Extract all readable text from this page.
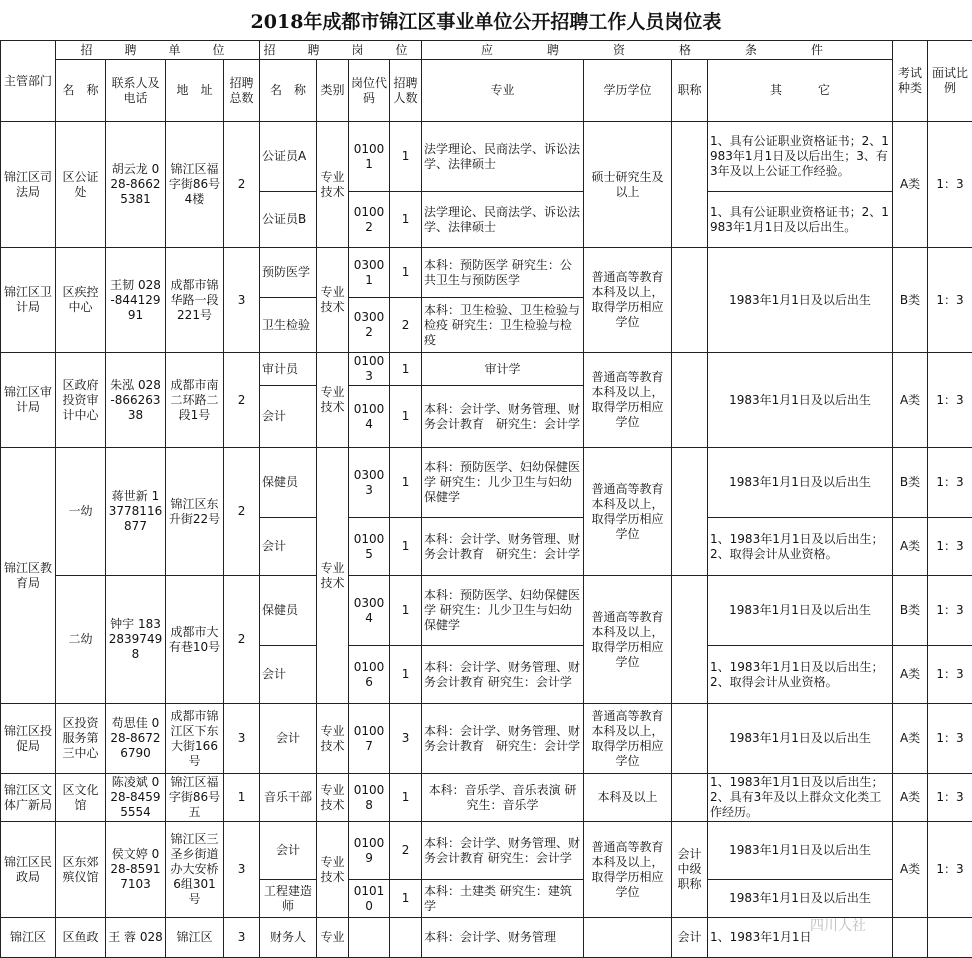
2018年成都市锦江区事业单位公开招聘工作人员岗位表
主管部门	招　聘　单　位				招　聘　岗　位				应　　聘　　资　　格　　条　　件				考试种类	面试比例
	名　称	联系人及电话	地　址	招聘总数	名　称	类别	岗位代码	招聘人数	专业	学历学位	职称	其　　　它		
锦江区司法局	区公证处	胡云龙 028-86625381	锦江区福字街86号4楼	2	公证员A	专业技术	01001	1	法学理论、民商法学、诉讼法学、法律硕士	硕士研究生及以上		1、具有公证职业资格证书；2、1983年1月1日及以后出生；3、有3年及以上公证工作经验。	A类	1：3
					公证员B		01002	1	法学理论、民商法学、诉讼法学、法律硕士			1、具有公证职业资格证书；2、1983年1月1日及以后出生。		
锦江区卫计局	区疾控中心	王韧 028-84412991	成都市锦华路一段221号	3	预防医学	专业技术	03001	1	本科：预防医学 研究生：公共卫生与预防医学	普通高等教育本科及以上，取得学历相应学位		1983年1月1日及以后出生	B类	1：3
					卫生检验		03002	2	本科：卫生检验、卫生检验与检疫 研究生：卫生检验与检疫					
锦江区审计局	区政府投资审计中心	朱泓 028-86626338	成都市南二环路二段1号	2	审计员	专业技术	01003	1	审计学	普通高等教育本科及以上，取得学历相应学位		1983年1月1日及以后出生	A类	1：3
					会计		01004	1	本科：会计学、财务管理、财务会计教育　研究生：会计学					
锦江区教育局	一幼	蒋世新 13778116877	锦江区东升街22号	2	保健员	专业技术	03003	1	本科：预防医学、妇幼保健医学 研究生：儿少卫生与妇幼保健学	普通高等教育本科及以上，取得学历相应学位		1983年1月1日及以后出生	B类	1：3
					会计		01005	1	本科：会计学、财务管理、财务会计教育　研究生：会计学			1、1983年1月1日及以后出生；2、取得会计从业资格。	A类	1：3
	二幼	钟宇 18328397498	成都市大有巷10号	2	保健员		03004	1	本科：预防医学、妇幼保健医学 研究生：儿少卫生与妇幼保健学	普通高等教育本科及以上，取得学历相应学位		1983年1月1日及以后出生	B类	1：3
					会计		01006	1	本科：会计学、财务管理、财务会计教育 研究生：会计学			1、1983年1月1日及以后出生；2、取得会计从业资格。	A类	1：3
锦江区投促局	区投资服务第三中心	苟思佳 028-86726790	成都市锦江区下东大街166号	3	会计	专业技术	01007	3	本科：会计学、财务管理、财务会计教育　研究生：会计学	普通高等教育本科及以上，取得学历相应学位		1983年1月1日及以后出生	A类	1：3
锦江区文体广新局	区文化馆	陈凌斌 028-84595554	锦江区福字街86号五	1	音乐干部	专业技术	01008	1	本科：音乐学、音乐表演 研究生：音乐学	本科及以上		1、1983年1月1日及以后出生；2、具有3年及以上群众文化类工作经历。	A类	1：3
锦江区民政局	区东郊殡仪馆	侯文婷 028-85917103	锦江区三圣乡街道办大安桥6组301号	3	会计	专业技术	01009	2	本科：会计学、财务管理、财务会计教育 研究生：会计学	普通高等教育本科及以上，取得学历相应学位	会计中级职称	1983年1月1日及以后出生	A类	1：3
					工程建造师		01010	1	本科：土建类 研究生：建筑学			1983年1月1日及以后出生		
锦江区	区鱼政	王 蓉 028	锦江区	3	财务人	专业			本科：会计学、财务管理		会计	1、1983年1月1日		
四川人社
